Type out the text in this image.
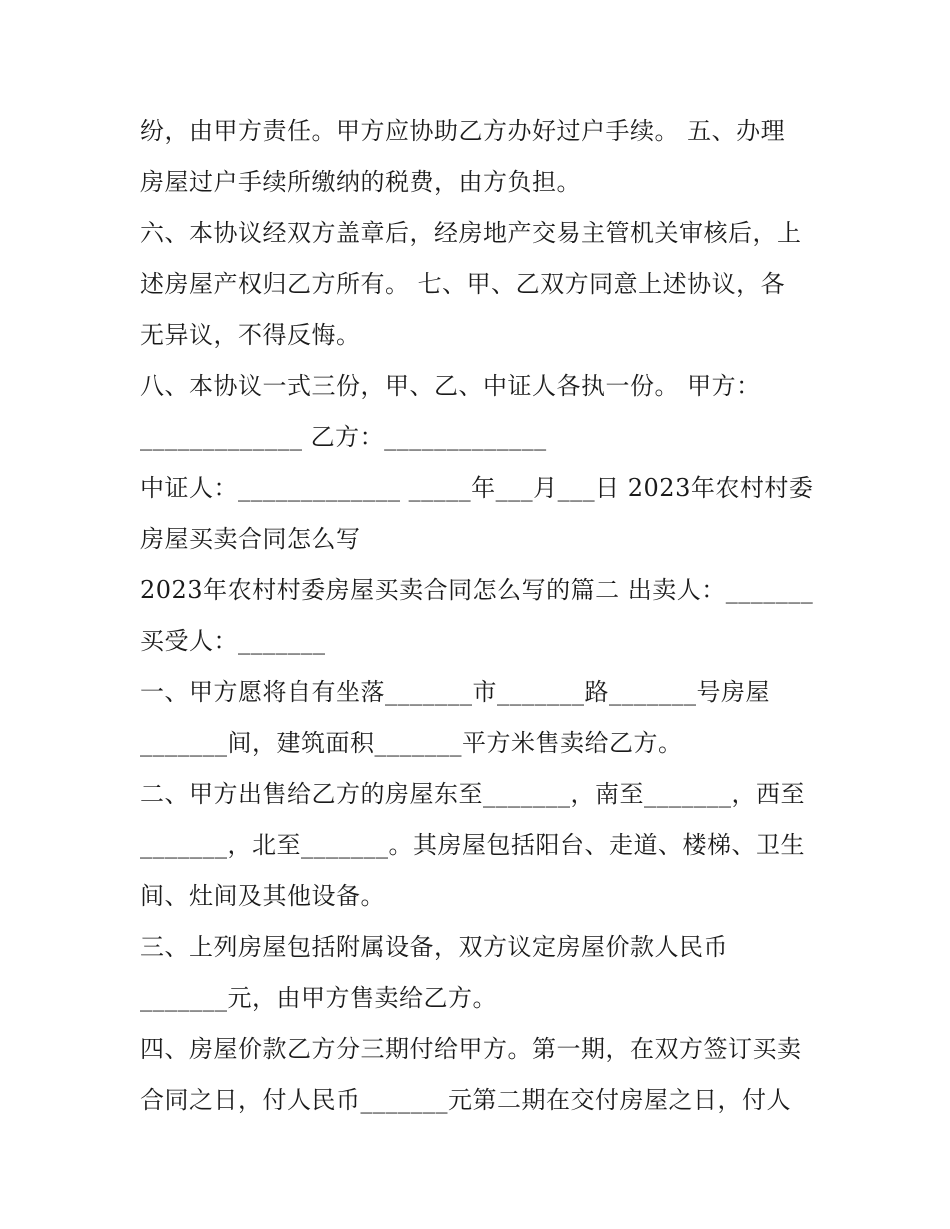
纷，由甲方责任。甲方应协助乙方办好过户手续。 五、办理
房屋过户手续所缴纳的税费，由方负担。
六、本协议经双方盖章后，经房地产交易主管机关审核后，上
述房屋产权归乙方所有。 七、甲、乙双方同意上述协议，各
无异议，不得反悔。
八、本协议一式三份，甲、乙、中证人各执一份。 甲方：
_____________ 乙方：_____________
中证人：_____________ _____年___月___日 2023年农村村委
房屋买卖合同怎么写
2023年农村村委房屋买卖合同怎么写的篇二 出卖人：_______
买受人：_______
一、甲方愿将自有坐落_______市_______路_______号房屋
_______间，建筑面积_______平方米售卖给乙方。
二、甲方出售给乙方的房屋东至_______，南至_______，西至
_______，北至_______。其房屋包括阳台、走道、楼梯、卫生
间、灶间及其他设备。
三、上列房屋包括附属设备，双方议定房屋价款人民币
_______元，由甲方售卖给乙方。
四、房屋价款乙方分三期付给甲方。第一期，在双方签订买卖
合同之日，付人民币_______元第二期在交付房屋之日，付人
